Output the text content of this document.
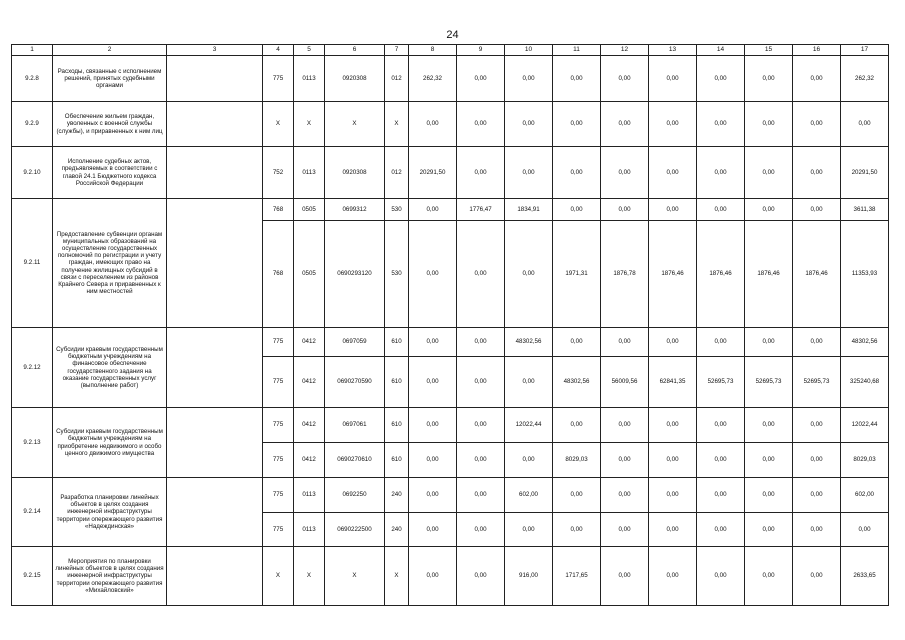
24
1	2	3	4	5	6	7	8	9	10	11	12	13	14	15	16	17
9.2.8	Расходы, связанные с исполнением решений, принятых судебными органами		775	0113	0920308	012	262,32	0,00	0,00	0,00	0,00	0,00	0,00	0,00	0,00	262,32
9.2.9	Обеспечение жильем граждан, уволенных с военной службы (службы), и приравненных к ним лиц		X	X	X	X	0,00	0,00	0,00	0,00	0,00	0,00	0,00	0,00	0,00	0,00
9.2.10	Исполнение судебных актов, предъявляемых в соответствии с главой 24.1 Бюджетного кодекса Российской Федерации		752	0113	0920308	012	20291,50	0,00	0,00	0,00	0,00	0,00	0,00	0,00	0,00	20291,50
9.2.11	Предоставление субвенции органам муниципальных образований на осуществление государственных полномочий по регистрации и учету граждан, имеющих право на получение жилищных субсидий в связи с переселением из районов Крайнего Севера и приравненных к ним местностей		768	0505	0699312	530	0,00	1776,47	1834,91	0,00	0,00	0,00	0,00	0,00	0,00	3611,38
			768	0505	0690293120	530	0,00	0,00	0,00	1971,31	1876,78	1876,46	1876,46	1876,46	1876,46	11353,93
9.2.12	Субсидии краевым государственным бюджетным учреждениям на финансовое обеспечение государственного задания на оказание государственных услуг (выполнение работ)		775	0412	0697059	610	0,00	0,00	48302,56	0,00	0,00	0,00	0,00	0,00	0,00	48302,56
			775	0412	0690270590	610	0,00	0,00	0,00	48302,56	56009,56	62841,35	52695,73	52695,73	52695,73	325240,68
9.2.13	Субсидии краевым государственным бюджетным учреждениям на приобретение недвижимого и особо ценного движимого имущества		775	0412	0697061	610	0,00	0,00	12022,44	0,00	0,00	0,00	0,00	0,00	0,00	12022,44
			775	0412	0690270610	610	0,00	0,00	0,00	8029,03	0,00	0,00	0,00	0,00	0,00	8029,03
9.2.14	Разработка планировки линейных объектов в целях создания инженерной инфраструктуры территории опережающего развития «Надеждинская»		775	0113	0692250	240	0,00	0,00	602,00	0,00	0,00	0,00	0,00	0,00	0,00	602,00
			775	0113	0690222500	240	0,00	0,00	0,00	0,00	0,00	0,00	0,00	0,00	0,00	0,00
9.2.15	Мероприятия по планировки линейных объектов в целях создания инженерной инфраструктуры территории опережающего развития «Михайловский»		X	X	X	X	0,00	0,00	916,00	1717,65	0,00	0,00	0,00	0,00	0,00	2633,65
